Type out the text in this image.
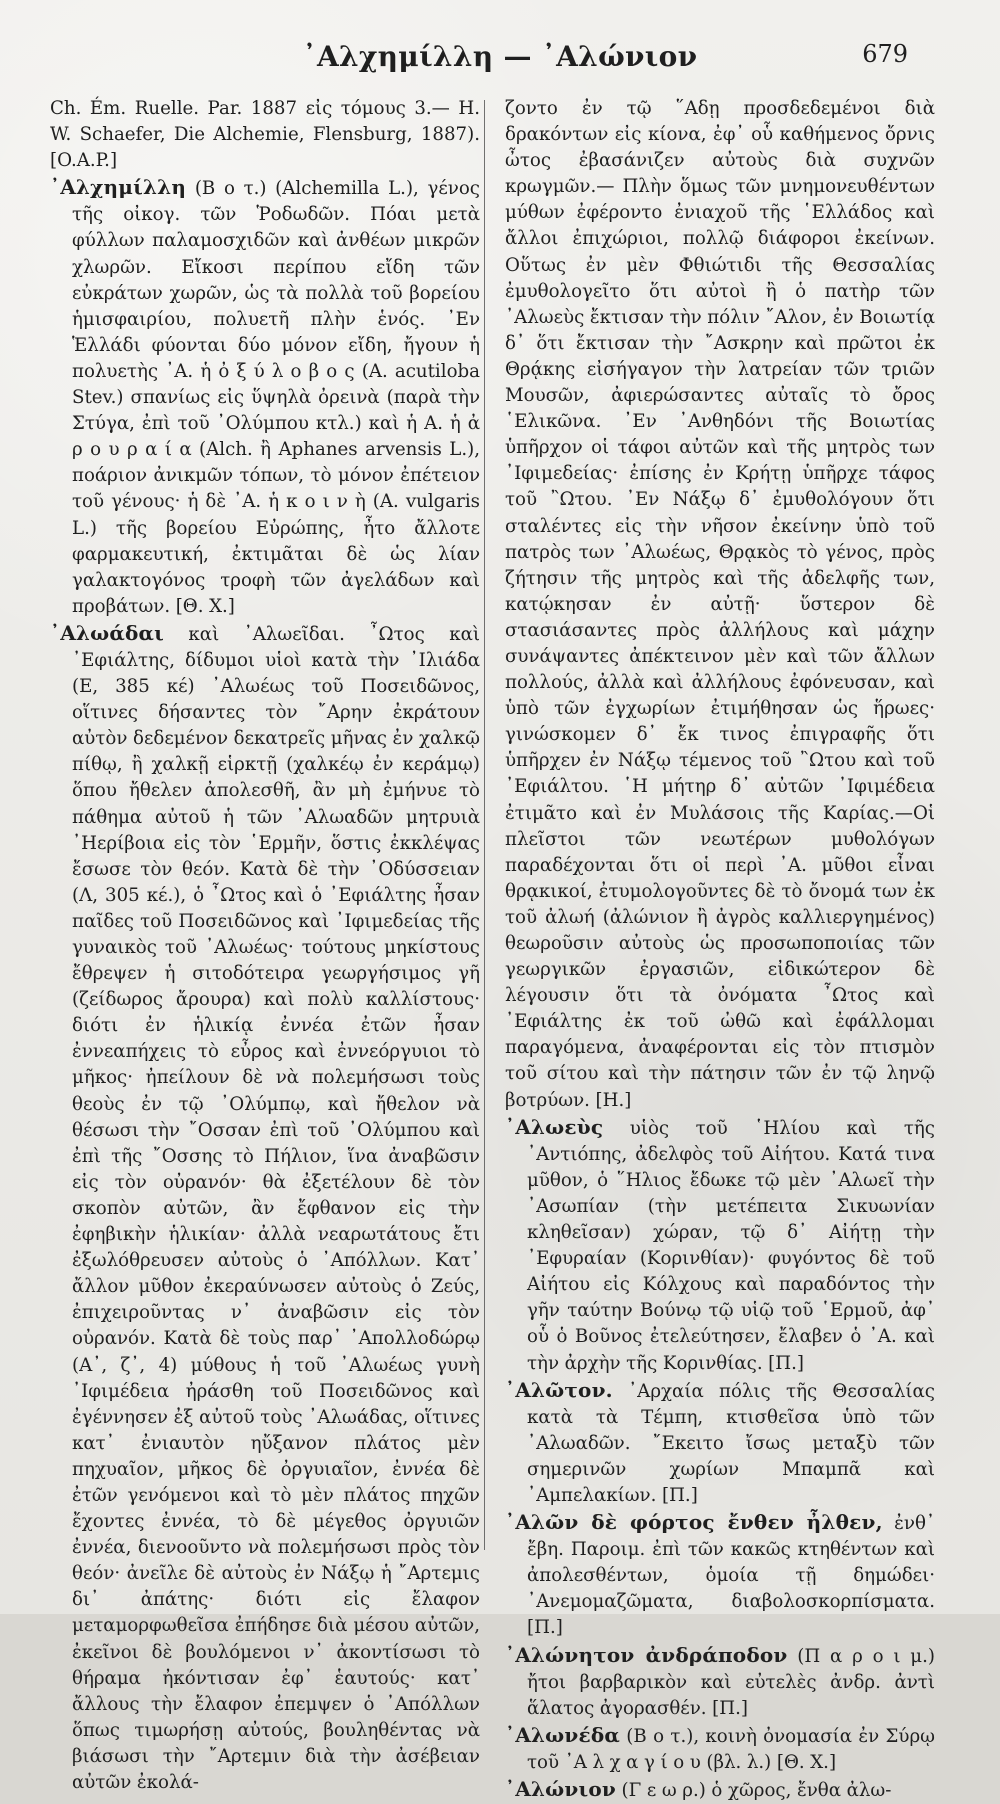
᾿Αλχημίλλη — ᾿Αλώνιον	679

Ch. Ém. Ruelle. Par. 1887 εἰς τόμους 3.— H. W. Schaefer, Die Alchemie, Flensburg, 1887). [O.A.P.]

᾿Αλχημίλλη (Β ο τ.) (Alchemilla L.), γένος τῆς οἰκογ. τῶν Ῥοδωδῶν. Πόαι μετὰ φύλλων παλαμοσχιδῶν καὶ ἀνθέων μικρῶν χλωρῶν. Εἴκοσι περίπου εἴδη τῶν εὐκράτων χωρῶν, ὡς τὰ πολλὰ τοῦ βορείου ἡμισφαιρίου, πολυετῆ πλὴν ἑνός. ᾿Εν Ἑλλάδι φύονται δύο μόνον εἴδη, ἤγουν ἡ πολυετὴς ᾿Α. ἡ ὀ ξ ύ λ ο β ο ς (A. acutiloba Stev.) σπανίως εἰς ὕψηλὰ ὀρεινὰ (παρὰ τὴν Στύγα, ἐπὶ τοῦ ᾿Ολύμπου κτλ.) καὶ ἡ Α. ἡ ἀ ρ ο υ ρ α ί α (Alch. ἢ Aphanes arvensis L.), ποάριον ἀνικμῶν τόπων, τὸ μόνον ἐπέτειον τοῦ γένους· ἡ δὲ ᾿Α. ἡ κ ο ι ν ὴ (A. vulgaris L.) τῆς βορείου Εὐρώπης, ἦτο ἄλλοτε φαρμακευτική, ἐκτιμᾶται δὲ ὡς λίαν γαλακτογόνος τροφὴ τῶν ἀγελάδων καὶ προβάτων. [Θ. Χ.]

᾿Αλωάδαι καὶ ᾿Αλωεῖδαι. ῏Ωτος καὶ ᾿Εφιάλτης, δίδυμοι υἱοὶ κατὰ τὴν ᾿Ιλιάδα (Ε, 385 κέ) ᾿Αλωέως τοῦ Ποσειδῶνος, οἵτινες δήσαντες τὸν ῎Αρην ἐκράτουν αὐτὸν δεδεμένον δεκατρεῖς μῆνας ἐν χαλκῷ πίθῳ, ἢ χαλκῇ εἱρκτῇ (χαλκέῳ ἐν κεράμῳ) ὅπου ἤθελεν ἀπολεσθῆ, ἂν μὴ ἐμήνυε τὸ πάθημα αὐτοῦ ἡ τῶν ᾿Αλωαδῶν μητρυιὰ ᾿Ηερίβοια εἰς τὸν ῾Ερμῆν, ὅστις ἐκκλέψας ἔσωσε τὸν θεόν. Κατὰ δὲ τὴν ᾿Οδύσσειαν (Λ, 305 κέ.), ὁ ῏Ωτος καὶ ὁ ᾿Εφιάλτης ἦσαν παῖδες τοῦ Ποσειδῶνος καὶ ᾿Ιφιμεδείας τῆς γυναικὸς τοῦ ᾿Αλωέως· τούτους μηκίστους ἔθρεψεν ἡ σιτοδότειρα γεωργήσιμος γῆ (ζείδωρος ἄρουρα) καὶ πολὺ καλλίστους· διότι ἐν ἡλικίᾳ ἐννέα ἐτῶν ἦσαν ἐννεαπήχεις τὸ εὖρος καὶ ἐννεόργυιοι τὸ μῆκος· ἠπείλουν δὲ νὰ πολεμήσωσι τοὺς θεοὺς ἐν τῷ ᾿Ολύμπῳ, καὶ ἤθελον νὰ θέσωσι τὴν ῎Οσσαν ἐπὶ τοῦ ᾿Ολύμπου καὶ ἐπὶ τῆς ῎Οσσης τὸ Πήλιον, ἵνα ἀναβῶσιν εἰς τὸν οὐρανόν· θὰ ἐξετέλουν δὲ τὸν σκοπὸν αὐτῶν, ἂν ἔφθανον εἰς τὴν ἐφηβικὴν ἡλικίαν· ἀλλὰ νεαρωτάτους ἔτι ἐξωλόθρευσεν αὐτοὺς ὁ ᾿Απόλλων. Κατ᾿ ἄλλον μῦθον ἐκεραύνωσεν αὐτοὺς ὁ Ζεύς, ἐπιχειροῦντας ν᾿ ἀναβῶσιν εἰς τὸν οὐρανόν. Κατὰ δὲ τοὺς παρ᾿ ᾿Απολλοδώρῳ (Α᾿, ζ᾿, 4) μύθους ἡ τοῦ ᾿Αλωέως γυνὴ ᾿Ιφιμέδεια ἠράσθη τοῦ Ποσειδῶνος καὶ ἐγέννησεν ἐξ αὐτοῦ τοὺς ᾿Αλωάδας, οἵτινες κατ᾿ ἐνιαυτὸν ηὔξανον πλάτος μὲν πηχυαῖον, μῆκος δὲ ὀργυιαῖον, ἐννέα δὲ ἐτῶν γενόμενοι καὶ τὸ μὲν πλάτος πηχῶν ἔχοντες ἐννέα, τὸ δὲ μέγεθος ὀργυιῶν ἐννέα, διενοοῦντο νὰ πολεμήσωσι πρὸς τὸν θεόν· ἀνεῖλε δὲ αὐτοὺς ἐν Νάξῳ ἡ ῎Αρτεμις δι᾿ ἀπάτης· διότι εἰς ἔλαφον μεταμορφωθεῖσα ἐπήδησε διὰ μέσου αὐτῶν, ἐκεῖνοι δὲ βουλόμενοι ν᾿ ἀκοντίσωσι τὸ θήραμα ἠκόντισαν ἐφ᾿ ἑαυτούς· κατ᾿ ἄλλους τὴν ἔλαφον ἐπεμψεν ὁ ᾿Απόλλων ὅπως τιμωρήσῃ αὐτούς, βουληθέντας νὰ βιάσωσι τὴν ῎Αρτεμιν διὰ τὴν ἀσέβειαν αὐτῶν ἐκολά-

ζοντο ἐν τῷ ῞Αδῃ προσδεδεμένοι διὰ δρακόντων εἰς κίονα, ἐφ᾿ οὗ καθήμενος ὄρνις ὦτος ἐβασάνιζεν αὐτοὺς διὰ συχνῶν κρωγμῶν.— Πλὴν ὅμως τῶν μνημονευθέντων μύθων ἐφέροντο ἐνιαχοῦ τῆς ῾Ελλάδος καὶ ἄλλοι ἐπιχώριοι, πολλῷ διάφοροι ἐκείνων. Οὕτως ἐν μὲν Φθιώτιδι τῆς Θεσσαλίας ἐμυθολογεῖτο ὅτι αὐτοὶ ἢ ὁ πατὴρ τῶν ᾿Αλωεὺς ἔκτισαν τὴν πόλιν ῎Αλον, ἐν Βοιωτίᾳ δ᾿ ὅτι ἔκτισαν τὴν ῎Ασκρην καὶ πρῶτοι ἐκ Θρᾴκης εἰσήγαγον τὴν λατρείαν τῶν τριῶν Μουσῶν, ἀφιερώσαντες αὐταῖς τὸ ὄρος ῾Ελικῶνα. ᾿Εν ᾿Ανθηδόνι τῆς Βοιωτίας ὑπῆρχον οἱ τάφοι αὐτῶν καὶ τῆς μητρὸς των ᾿Ιφιμεδείας· ἐπίσης ἐν Κρήτῃ ὑπῆρχε τάφος τοῦ ῍Ωτου. ᾿Εν Νάξῳ δ᾿ ἐμυθολόγουν ὅτι σταλέντες εἰς τὴν νῆσον ἐκείνην ὑπὸ τοῦ πατρὸς των ᾿Αλωέως, Θρᾳκὸς τὸ γένος, πρὸς ζήτησιν τῆς μητρὸς καὶ τῆς ἀδελφῆς των, κατῴκησαν ἐν αὐτῇ· ὕστερον δὲ στασιάσαντες πρὸς ἀλλήλους καὶ μάχην συνάψαντες ἀπέκτεινον μὲν καὶ τῶν ἄλλων πολλούς, ἀλλὰ καὶ ἀλλήλους ἐφόνευσαν, καὶ ὑπὸ τῶν ἐγχωρίων ἐτιμήθησαν ὡς ἥρωες· γινώσκομεν δ᾿ ἔκ τινος ἐπιγραφῆς ὅτι ὑπῆρχεν ἐν Νάξῳ τέμενος τοῦ ῍Ωτου καὶ τοῦ ᾿Εφιάλτου. ῾Η μήτηρ δ᾿ αὐτῶν ᾿Ιφιμέδεια ἐτιμᾶτο καὶ ἐν Μυλάσοις τῆς Καρίας.—Οἱ πλεῖστοι τῶν νεωτέρων μυθολόγων παραδέχονται ὅτι οἱ περὶ ᾿Α. μῦθοι εἶναι θρᾳκικοί, ἐτυμολογοῦντες δὲ τὸ ὄνομά των ἐκ τοῦ ἀλωή (ἀλώνιον ἢ ἀγρὸς καλλιεργημένος) θεωροῦσιν αὐτοὺς ὡς προσωποποιίας τῶν γεωργικῶν ἐργασιῶν, εἰδικώτερον δὲ λέγουσιν ὅτι τὰ ὀνόματα ῏Ωτος καὶ ᾿Εφιάλτης ἐκ τοῦ ὠθῶ καὶ ἐφάλλομαι παραγόμενα, ἀναφέρονται εἰς τὸν πτισμὸν τοῦ σίτου καὶ τὴν πάτησιν τῶν ἐν τῷ ληνῷ βοτρύων. [Η.]

᾿Αλωεὺς υἱὸς τοῦ ῾Ηλίου καὶ τῆς ᾿Αντιόπης, ἀδελφὸς τοῦ Αἰήτου. Κατά τινα μῦθον, ὁ ῞Ηλιος ἔδωκε τῷ μὲν ᾿Αλωεῖ τὴν ᾿Ασωπίαν (τὴν μετέπειτα Σικυωνίαν κληθεῖσαν) χώραν, τῷ δ᾿ Αἰήτῃ τὴν ᾿Εφυραίαν (Κορινθίαν)· φυγόντος δὲ τοῦ Αἰήτου εἰς Κόλχους καὶ παραδόντος τὴν γῆν ταύτην Βούνῳ τῷ υἱῷ τοῦ ῾Ερμοῦ, ἀφ᾿ οὗ ὁ Βοῦνος ἐτελεύτησεν, ἔλαβεν ὁ ᾿Α. καὶ τὴν ἀρχὴν τῆς Κορινθίας. [Π.]

᾿Αλῶτον. ᾿Αρχαία πόλις τῆς Θεσσαλίας κατὰ τὰ Τέμπη, κτισθεῖσα ὑπὸ τῶν ᾿Αλωαδῶν. ῎Εκειτο ἴσως μεταξὺ τῶν σημερινῶν χωρίων Μπαμπᾶ καὶ ᾿Αμπελακίων. [Π.]

᾿Αλῶν δὲ φόρτος ἔνθεν ἦλθεν, ἐνθ᾿ ἔβη. Παροιμ. ἐπὶ τῶν κακῶς κτηθέντων καὶ ἀπολεσθέντων, ὁμοία τῇ δημώδει· ᾿Ανεμομαζῶματα, διαβολοσκορπίσματα. [Π.]

᾿Αλώνητον ἀνδράποδον (Π α ρ ο ι μ.) ἤτοι βαρβαρικὸν καὶ εὐτελὲς ἀνδρ. ἀντὶ ἅλατος ἀγορασθέν. [Π.]

᾿Αλωνέδα (Β ο τ.), κοινὴ ὀνομασία ἐν Σύρῳ τοῦ ᾿Α λ χ α γ ί ο υ (βλ. λ.) [Θ. Χ.]

᾿Αλώνιον (Γ ε ω ρ.) ὁ χῶρος, ἔνθα ἀλω-
